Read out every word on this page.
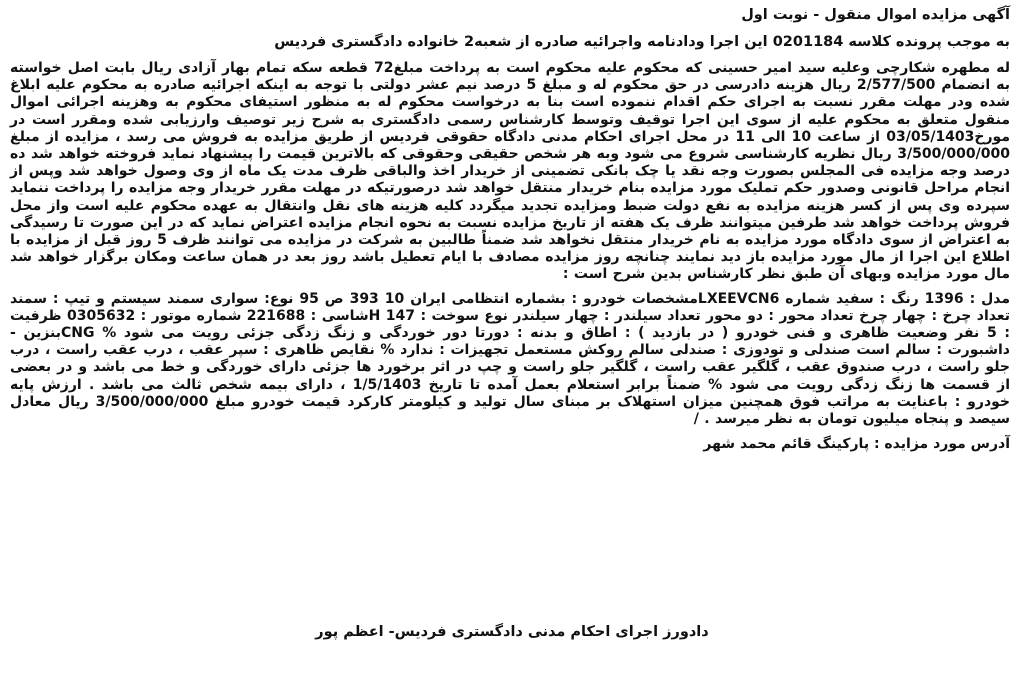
آگهی مزایده اموال منقول - نوبت اول
به موجب پرونده کلاسه 0201184 این اجرا ودادنامه واجرائیه صادره از شعبه2 خانواده دادگستری فردیس

له مطهره شکارچی وعلیه سید امیر حسینی که محکوم علیه محکوم است به پرداخت مبلغ72 قطعه سکه تمام بهار آزادی ریال بابت اصل خواسته به انضمام 2/577/500 ریال هزینه دادرسی در حق محکوم له و مبلغ 5 درصد نیم عشر دولتی با توجه به اینکه اجرائیه صادره به محکوم علیه ابلاغ شده ودر مهلت مقرر نسبت به اجرای حکم اقدام ننموده است بنا به درخواست محکوم له به منظور استیفای محکوم به وهزینه اجرائی اموال منقول متعلق به محکوم علیه از سوی این اجرا توقیف وتوسط کارشناس رسمی دادگستری به شرح زیر توصیف وارزیابی شده ومقرر است در مورخ03/05/1403 از ساعت 10 الی 11 در محل اجرای احکام مدنی دادگاه حقوقی فردیس از طریق مزایده به فروش می رسد ، مزایده از مبلغ 3/500/000/000 ریال نظریه کارشناسی شروع می شود وبه هر شخص حقیقی وحقوقی که بالاترین قیمت را پیشنهاد نماید فروخته خواهد شد ده درصد وجه مزایده فی المجلس بصورت وجه نقد یا چک بانکی تضمینی از خریدار اخذ والباقی ظرف مدت یک ماه از وی وصول خواهد شد وپس از انجام مراحل قانونی وصدور حکم تملیک مورد مزایده بنام خریدار منتقل خواهد شد درصورتیکه در مهلت مقرر خریدار وجه مزایده را پرداخت ننماید سپرده وی پس از کسر هزینه مزایده به نفع دولت ضبط ومزایده تجدید میگردد کلیه هزینه های نقل وانتقال به عهده محکوم علیه است واز محل فروش پرداخت خواهد شد طرفین میتوانند ظرف یک هفته از تاریخ مزایده نسبت به نحوه انجام مزایده اعتراض نماید که در این صورت تا رسیدگی به اعتراض از سوی دادگاه مورد مزایده به نام خریدار منتقل نخواهد شد ضمناً طالبین به شرکت در مزایده می توانند ظرف 5 روز قبل از مزایده با اطلاع این اجرا از مال مورد مزایده باز دید نمایند چنانچه روز مزایده مصادف با ایام تعطیل باشد روز بعد در همان ساعت ومکان برگزار خواهد شد مال مورد مزایده وبهای آن طبق نظر کارشناس بدین شرح است :

مدل : 1396 رنگ : سفید شماره LXEEVCN6مشخصات خودرو : بشماره انتظامی ایران 10 393 ص 95 نوع: سواری سمند سیستم و تیپ : سمند تعداد چرخ : چهار چرخ تعداد محور : دو محور تعداد سیلندر : چهار سیلندر نوع سوخت : 147 Hشاسی : 221688 شماره موتور : 0305632 ظرفیت : 5 نفر وضعیت ظاهری و فنی خودرو ( در بازدید ) : اطاق و بدنه : دورتا دور خوردگی و زنگ زدگی جزئی رویت می شود % CNGبنزین - داشبورت : سالم است صندلی و تودوزی : صندلی سالم روکش مستعمل تجهیزات : ندارد % نقایص ظاهری : سپر عقب ، درب عقب راست ، درب جلو راست ، درب صندوق عقب ، گلگیر عقب راست ، گلگیر جلو راست و چپ در اثر برخورد ها جزئی دارای خوردگی و خط می باشد و در بعضی از قسمت ها زنگ زدگی رویت می شود % ضمناً برابر استعلام بعمل آمده تا تاریخ 1/5/1403 ، دارای بیمه شخص ثالث می باشد . ارزش پایه خودرو : باعنایت به مراتب فوق همچنین میزان استهلاک بر مبنای سال تولید و کیلومتر کارکرد قیمت خودرو مبلغ 3/500/000/000 ریال معادل سیصد و پنجاه میلیون تومان به نظر میرسد . /

آدرس مورد مزایده : پارکینگ قائم محمد شهر
دادورز اجرای احکام مدنی دادگستری فردیس- اعظم پور
